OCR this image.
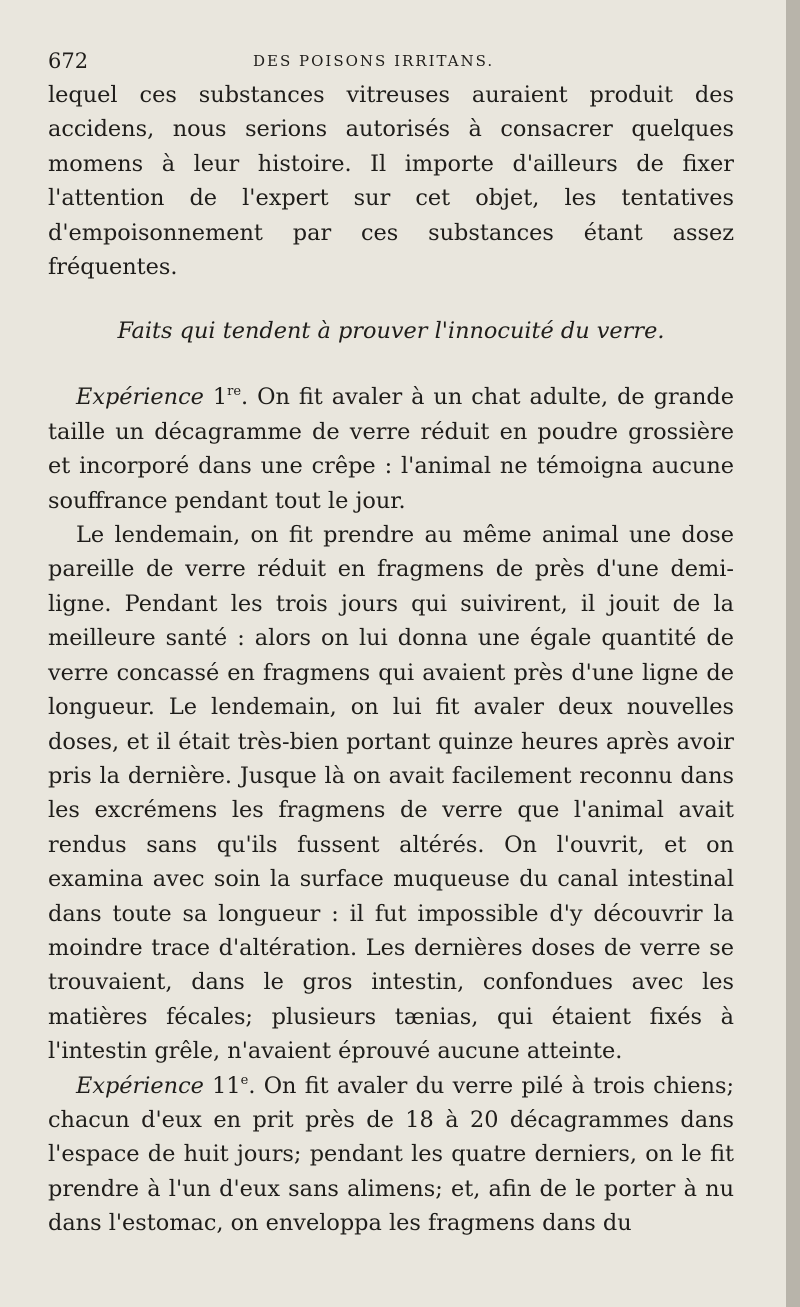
672	DES POISONS IRRITANS.

lequel ces substances vitreuses auraient produit des accidens, nous serions autorisés à consacrer quelques momens à leur histoire. Il importe d'ailleurs de fixer l'attention de l'expert sur cet objet, les tentatives d'empoisonnement par ces substances étant assez fréquentes.

Faits qui tendent à prouver l'innocuité du verre.

Expérience 1re. On fit avaler à un chat adulte, de grande taille un décagramme de verre réduit en poudre grossière et incorporé dans une crêpe : l'animal ne témoigna aucune souffrance pendant tout le jour.

Le lendemain, on fit prendre au même animal une dose pareille de verre réduit en fragmens de près d'une demi-ligne. Pendant les trois jours qui suivirent, il jouit de la meilleure santé : alors on lui donna une égale quantité de verre concassé en fragmens qui avaient près d'une ligne de longueur. Le lendemain, on lui fit avaler deux nouvelles doses, et il était très-bien portant quinze heures après avoir pris la dernière. Jusque là on avait facilement reconnu dans les excrémens les fragmens de verre que l'animal avait rendus sans qu'ils fussent altérés. On l'ouvrit, et on examina avec soin la surface muqueuse du canal intestinal dans toute sa longueur : il fut impossible d'y découvrir la moindre trace d'altération. Les dernières doses de verre se trouvaient, dans le gros intestin, confondues avec les matières fécales; plusieurs tænias, qui étaient fixés à l'intestin grêle, n'avaient éprouvé aucune atteinte.

Expérience 11e. On fit avaler du verre pilé à trois chiens; chacun d'eux en prit près de 18 à 20 décagrammes dans l'espace de huit jours; pendant les quatre derniers, on le fit prendre à l'un d'eux sans alimens; et, afin de le porter à nu dans l'estomac, on enveloppa les fragmens dans du
